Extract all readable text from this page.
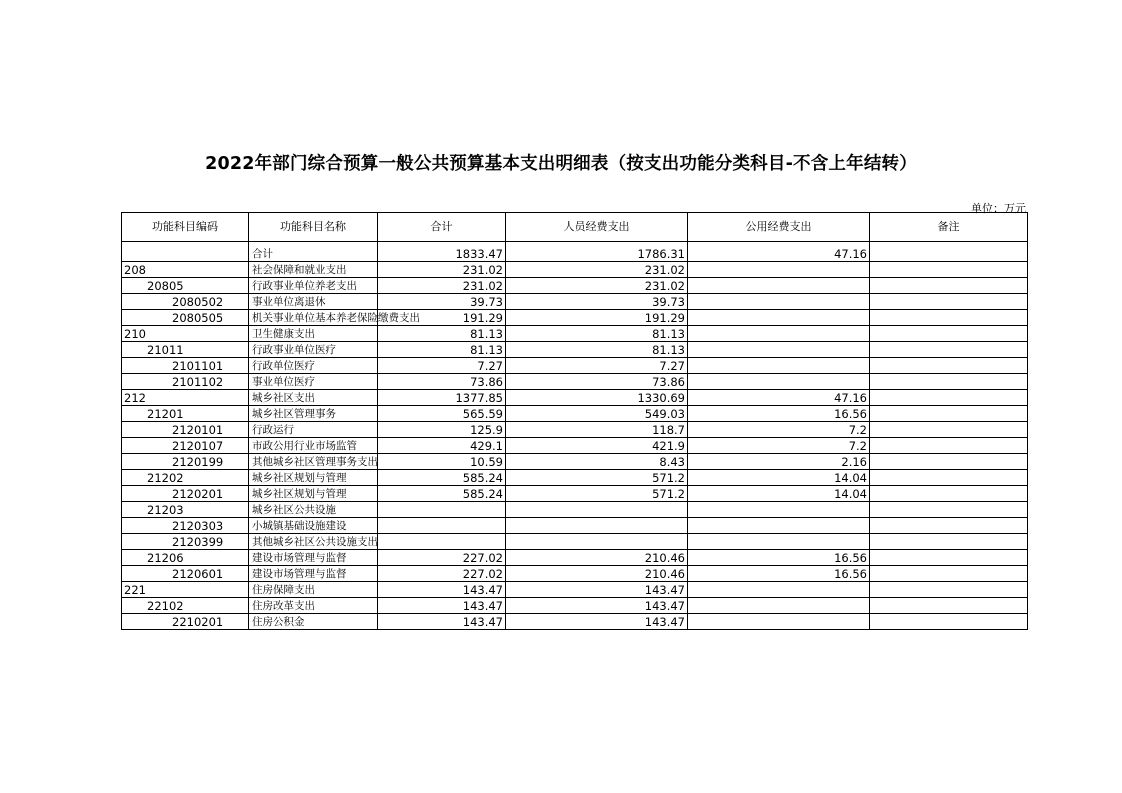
2022年部门综合预算一般公共预算基本支出明细表（按支出功能分类科目-不含上年结转）
单位：万元
功能科目编码	功能科目名称	合计	人员经费支出	公用经费支出	备注
	合计	1833.47	1786.31	47.16	
208	社会保障和就业支出	231.02	231.02		
20805	行政事业单位养老支出	231.02	231.02		
2080502	事业单位离退休	39.73	39.73		
2080505	机关事业单位基本养老保险缴费支出	191.29	191.29		
210	卫生健康支出	81.13	81.13		
21011	行政事业单位医疗	81.13	81.13		
2101101	行政单位医疗	7.27	7.27		
2101102	事业单位医疗	73.86	73.86		
212	城乡社区支出	1377.85	1330.69	47.16	
21201	城乡社区管理事务	565.59	549.03	16.56	
2120101	行政运行	125.9	118.7	7.2	
2120107	市政公用行业市场监管	429.1	421.9	7.2	
2120199	其他城乡社区管理事务支出	10.59	8.43	2.16	
21202	城乡社区规划与管理	585.24	571.2	14.04	
2120201	城乡社区规划与管理	585.24	571.2	14.04	
21203	城乡社区公共设施				
2120303	小城镇基础设施建设				
2120399	其他城乡社区公共设施支出				
21206	建设市场管理与监督	227.02	210.46	16.56	
2120601	建设市场管理与监督	227.02	210.46	16.56	
221	住房保障支出	143.47	143.47		
22102	住房改革支出	143.47	143.47		
2210201	住房公积金	143.47	143.47		
